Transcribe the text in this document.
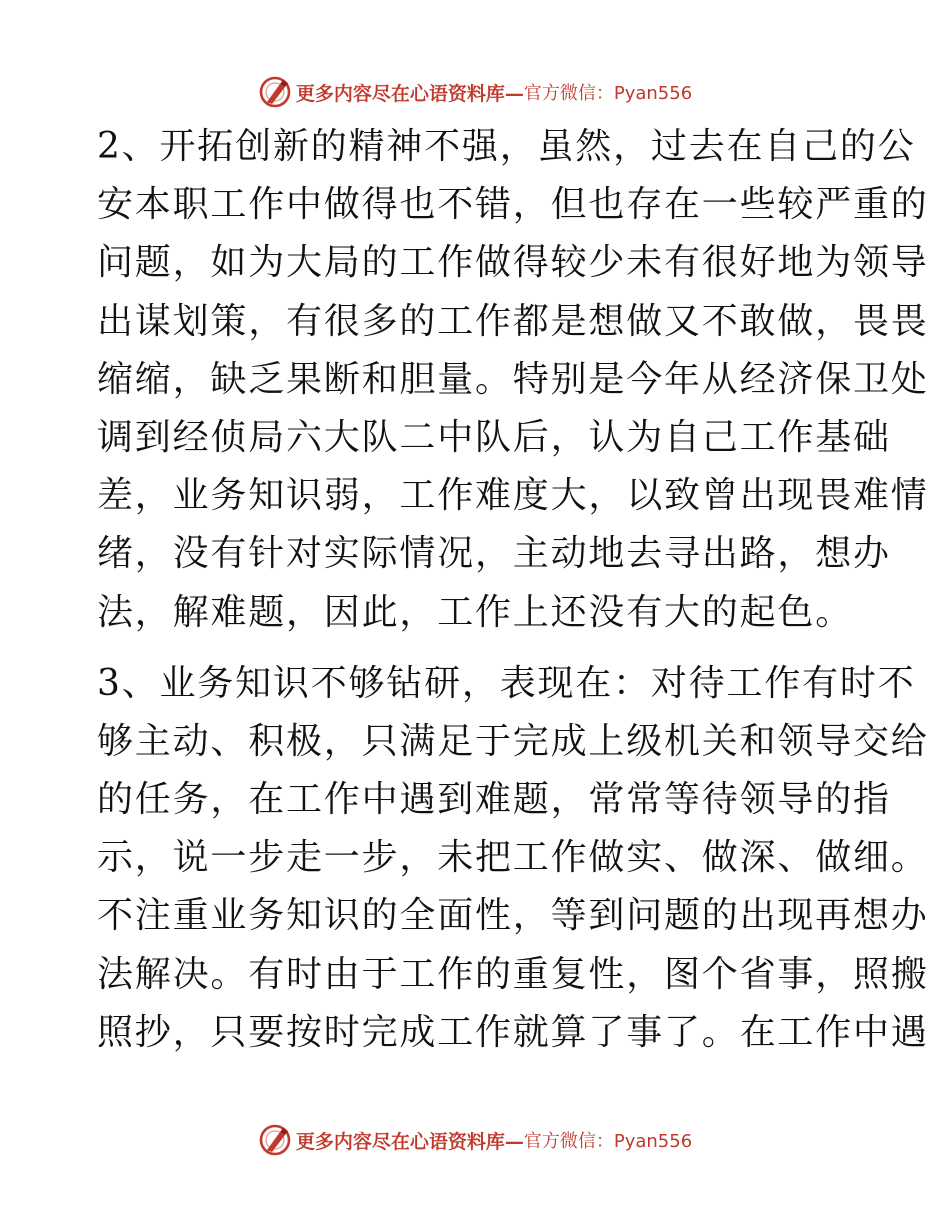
更多内容尽在心语资料库— 官方微信：Pyan556

2、开拓创新的精神不强，虽然，过去在自己的公
安本职工作中做得也不错，但也存在一些较严重的
问题，如为大局的工作做得较少未有很好地为领导
出谋划策，有很多的工作都是想做又不敢做，畏畏
缩缩，缺乏果断和胆量。特别是今年从经济保卫处
调到经侦局六大队二中队后，认为自己工作基础
差，业务知识弱，工作难度大，以致曾出现畏难情
绪，没有针对实际情况，主动地去寻出路，想办
法，解难题，因此，工作上还没有大的起色。

3、业务知识不够钻研，表现在：对待工作有时不
够主动、积极，只满足于完成上级机关和领导交给
的任务，在工作中遇到难题，常常等待领导的指
示，说一步走一步，未把工作做实、做深、做细。
不注重业务知识的全面性，等到问题的出现再想办
法解决。有时由于工作的重复性，图个省事，照搬
照抄，只要按时完成工作就算了事了。在工作中遇

更多内容尽在心语资料库— 官方微信：Pyan556
